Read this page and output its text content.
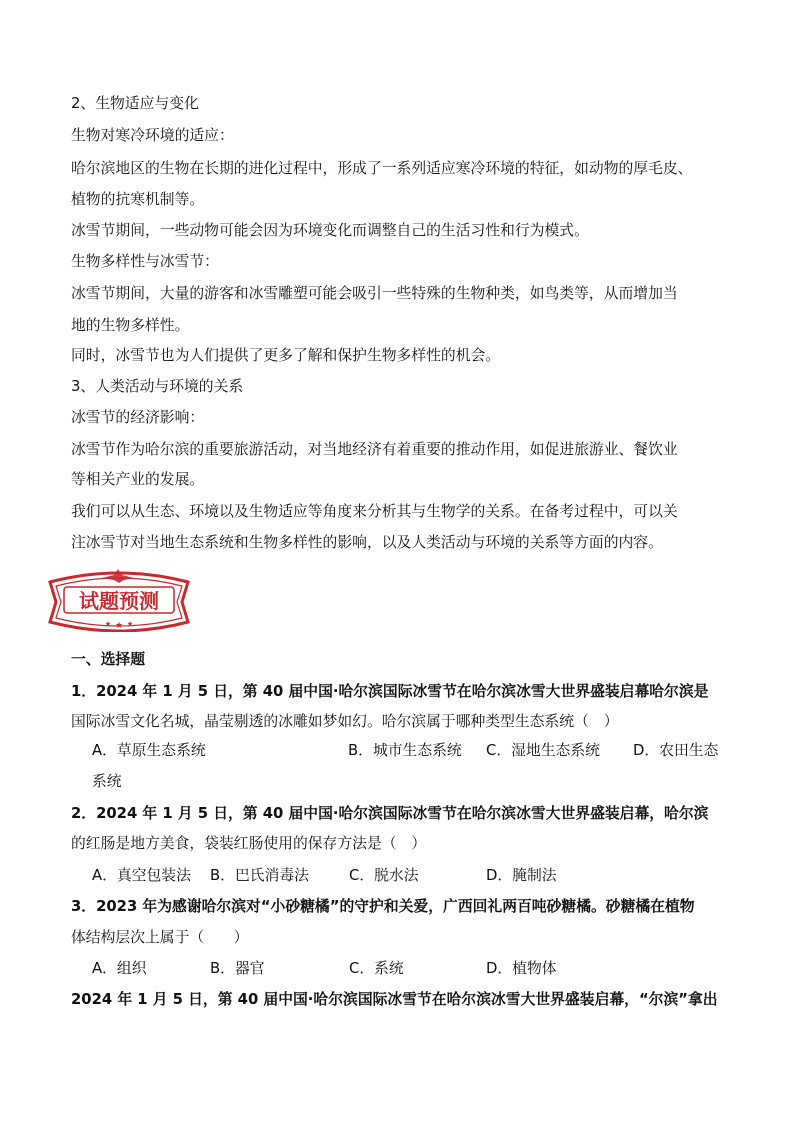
2、生物适应与变化
生物对寒冷环境的适应：
哈尔滨地区的生物在长期的进化过程中，形成了一系列适应寒冷环境的特征，如动物的厚毛皮、
植物的抗寒机制等。
冰雪节期间，一些动物可能会因为环境变化而调整自己的生活习性和行为模式。
生物多样性与冰雪节：
冰雪节期间，大量的游客和冰雪雕塑可能会吸引一些特殊的生物种类，如鸟类等，从而增加当
地的生物多样性。
同时，冰雪节也为人们提供了更多了解和保护生物多样性的机会。
3、人类活动与环境的关系
冰雪节的经济影响：
冰雪节作为哈尔滨的重要旅游活动，对当地经济有着重要的推动作用，如促进旅游业、餐饮业
等相关产业的发展。
我们可以从生态、环境以及生物适应等角度来分析其与生物学的关系。在备考过程中，可以关
注冰雪节对当地生态系统和生物多样性的影响，以及人类活动与环境的关系等方面的内容。
试题预测
★ ★ ★
一、选择题
1．2024 年 1 月 5 日，第 40 届中国·哈尔滨国际冰雪节在哈尔滨冰雪大世界盛装启幕哈尔滨是
国际冰雪文化名城，晶莹剔透的冰雕如梦如幻。哈尔滨属于哪种类型生态系统（　）
A．草原生态系统	B．城市生态系统 C．湿地生态系统 D．农田生态
系统
2．2024 年 1 月 5 日，第 40 届中国·哈尔滨国际冰雪节在哈尔滨冰雪大世界盛装启幕，哈尔滨
的红肠是地方美食，袋装红肠使用的保存方法是（　）
A．真空包装法 B．巴氏消毒法	C．脱水法	D．腌制法
3．2023 年为感谢哈尔滨对“小砂糖橘”的守护和关爱，广西回礼两百吨砂糖橘。砂糖橘在植物
体结构层次上属于（　　）
A．组织	B．器官	C．系统	D．植物体
2024 年 1 月 5 日，第 40 届中国·哈尔滨国际冰雪节在哈尔滨冰雪大世界盛装启幕，“尔滨”拿出
